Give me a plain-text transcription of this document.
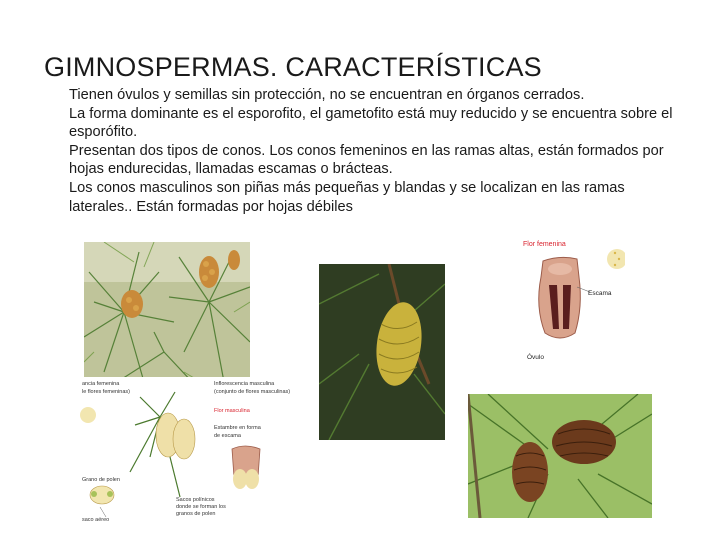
GIMNOSPERMAS. CARACTERÍSTICAS
Tienen óvulos y semillas sin protección, no se encuentran en órganos cerrados.
La forma dominante es el esporofito, el gametofito está muy reducido y se encuentra sobre el esporófito.
Presentan dos tipos de conos. Los conos femeninos en las ramas altas, están formados por hojas endurecidas, llamadas escamas o brácteas.
Los conos masculinos son piñas más pequeñas y blandas y se localizan en las ramas laterales.. Están formadas por hojas débiles
Flor femenina
Escama
Óvulo
ancia femenina
le flores femeninas)
Inflorescencia masculina
(conjunto de flores masculinas)
Flor masculina
Estambre en forma
de escama
Grano de polen
Sacos polínicos
donde se forman los
granos de polen
saco aéreo
